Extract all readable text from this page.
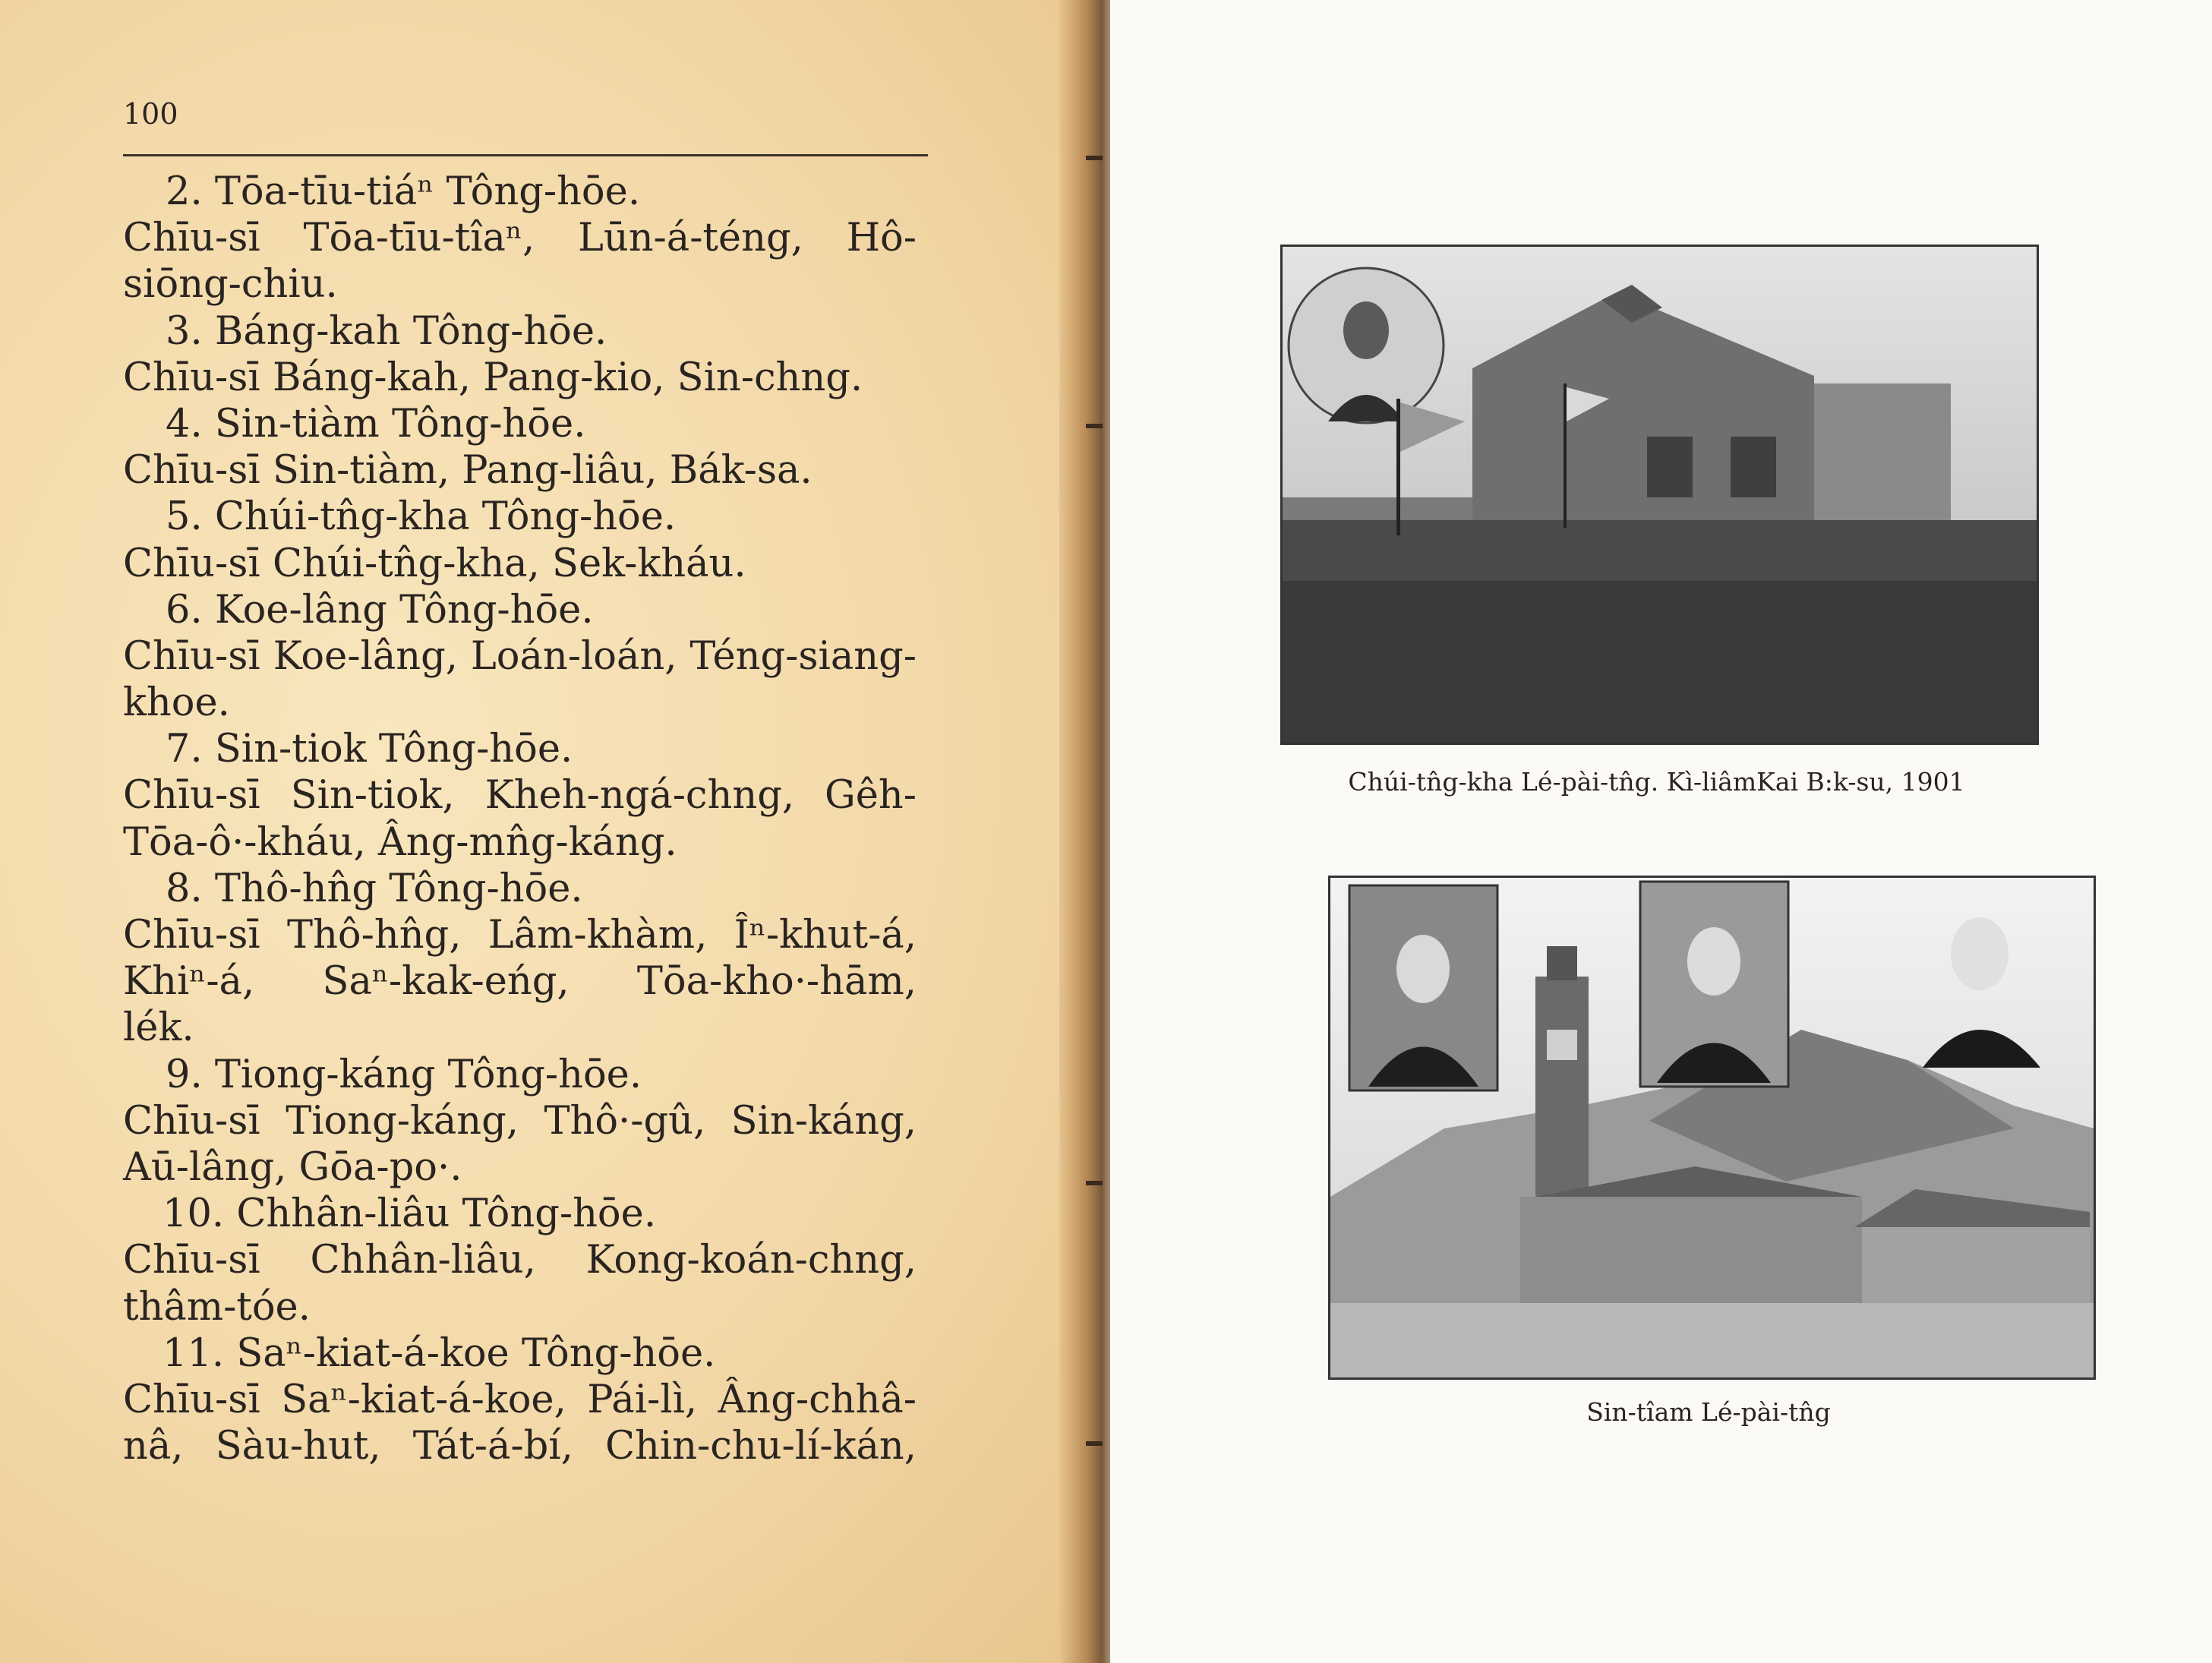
100
2. Tōa-tīu-tiáⁿ Tông-hōe.
Chīu-sī Tōa-tīu-tîaⁿ, Lūn-á-téng, Hô-
siōng-chiu.
3. Báng-kah Tông-hōe.
Chīu-sī Báng-kah, Pang-kio, Sin-chng.
4. Sin-tiàm Tông-hōe.
Chīu-sī Sin-tiàm, Pang-liâu, Bák-sa.
5. Chúi-tn̂g-kha Tông-hōe.
Chīu-sī Chúi-tn̂g-kha, Sek-kháu.
6. Koe-lâng Tông-hōe.
Chīu-sī Koe-lâng, Loán-loán, Téng-siang-
khoe.
7. Sin-tiok Tông-hōe.
Chīu-sī Sin-tiok, Kheh-ngá-chng, Gêh-
Tōa-ô·-kháu, Âng-mn̂g-káng.
8. Thô-hn̂g Tông-hōe.
Chīu-sī Thô-hn̂g, Lâm-khàm, Îⁿ-khut-á,
Khiⁿ-á, Saⁿ-kak-eńg, Tōa-kho·-hām,
lék.
9. Tiong-káng Tông-hōe.
Chīu-sī Tiong-káng, Thô·-gû, Sin-káng,
Aū-lâng, Gōa-po·.
10. Chhân-liâu Tông-hōe.
Chīu-sī Chhân-liâu, Kong-koán-chng,
thâm-tóe.
11. Saⁿ-kiat-á-koe Tông-hōe.
Chīu-sī Saⁿ-kiat-á-koe, Pái-lì, Âng-chhâ-
nâ, Sàu-hut, Tát-á-bí, Chin-chu-lí-kán,
Chúi-tn̂g-kha Lé-pài-tn̂g. Kì-liâmKai B:k-su, 1901
Sin-tîam Lé-pài-tn̂g
